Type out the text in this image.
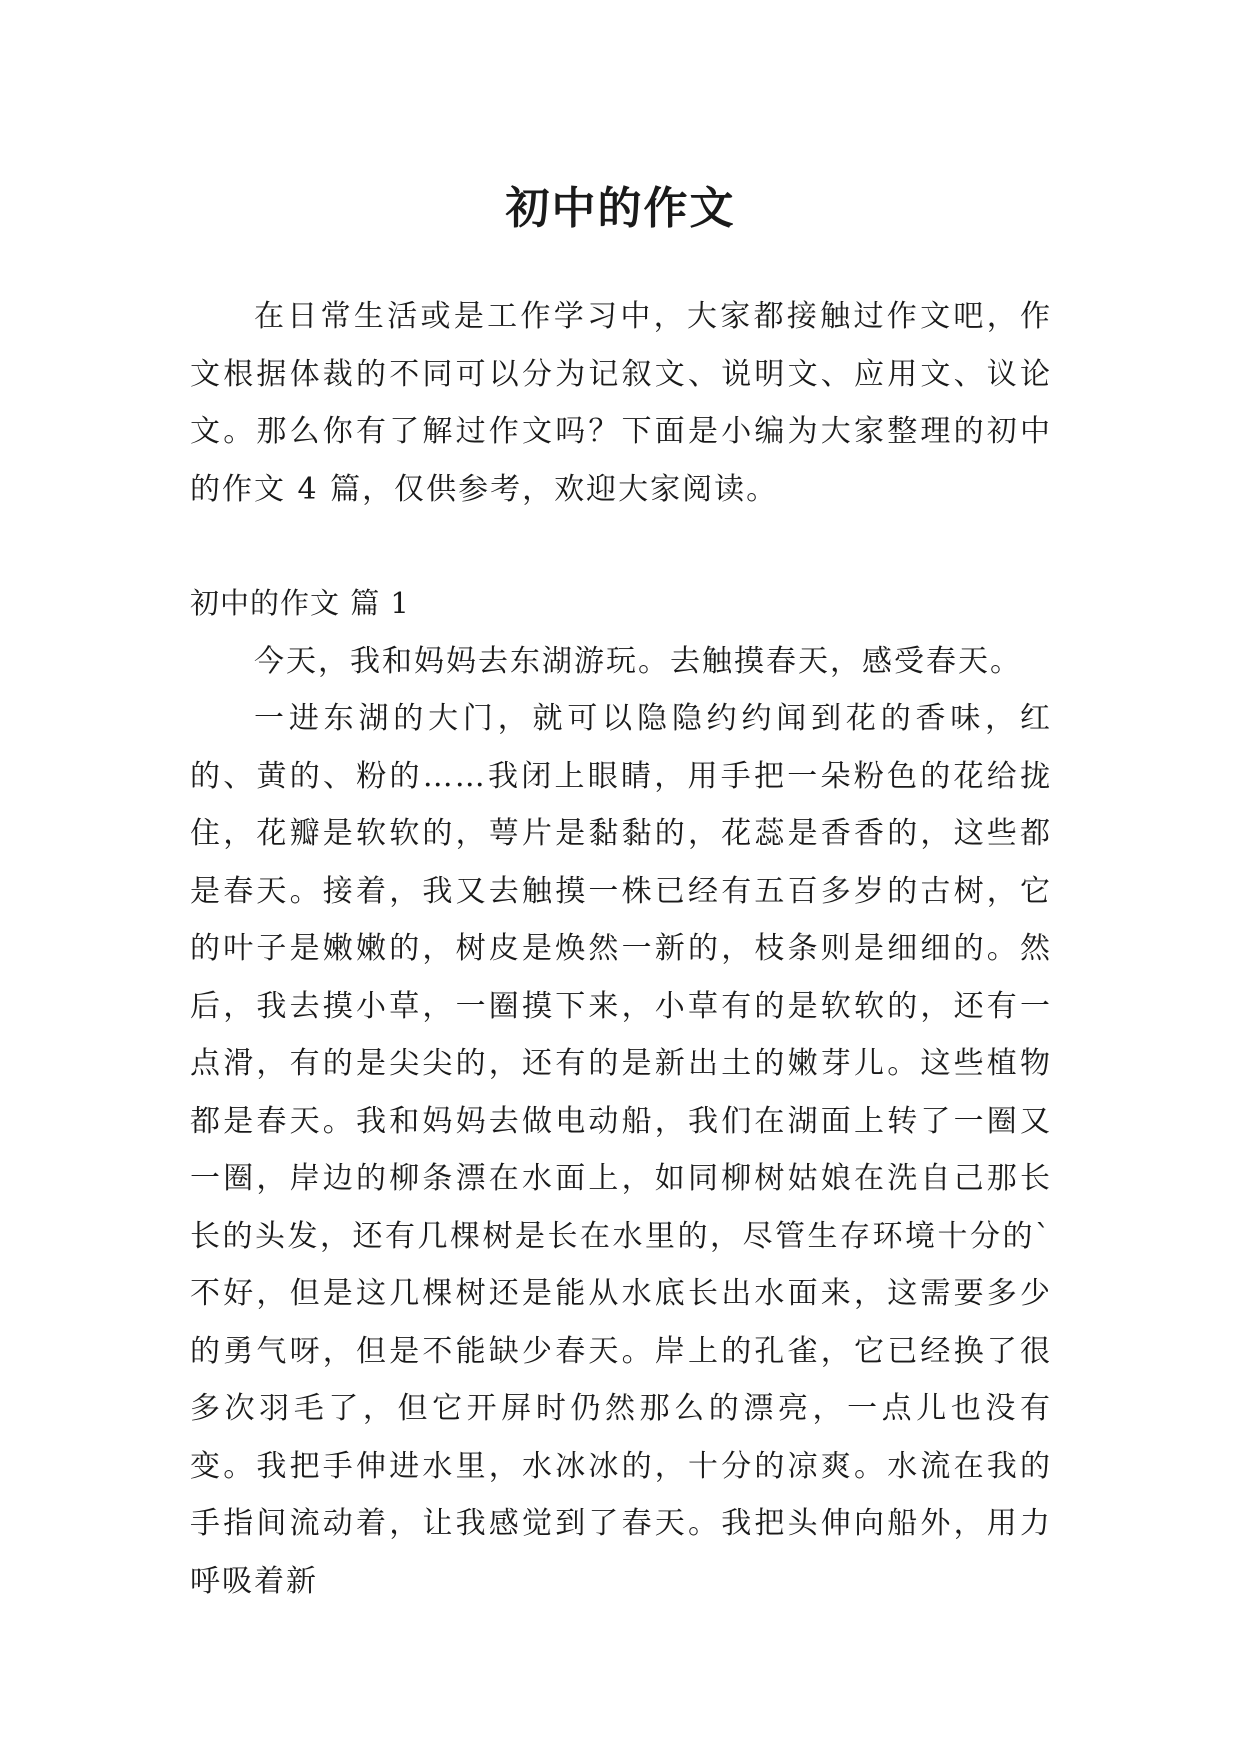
初中的作文

在日常生活或是工作学习中，大家都接触过作文吧，作文根据体裁的不同可以分为记叙文、说明文、应用文、议论文。那么你有了解过作文吗？下面是小编为大家整理的初中的作文 4 篇，仅供参考，欢迎大家阅读。

初中的作文 篇 1

今天，我和妈妈去东湖游玩。去触摸春天，感受春天。

一进东湖的大门，就可以隐隐约约闻到花的香味，红的、黄的、粉的……我闭上眼睛，用手把一朵粉色的花给拢住，花瓣是软软的，萼片是黏黏的，花蕊是香香的，这些都是春天。接着，我又去触摸一株已经有五百多岁的古树，它的叶子是嫩嫩的，树皮是焕然一新的，枝条则是细细的。然后，我去摸小草，一圈摸下来，小草有的是软软的，还有一点滑，有的是尖尖的，还有的是新出土的嫩芽儿。这些植物都是春天。我和妈妈去做电动船，我们在湖面上转了一圈又一圈，岸边的柳条漂在水面上，如同柳树姑娘在洗自己那长长的头发，还有几棵树是长在水里的，尽管生存环境十分的`不好，但是这几棵树还是能从水底长出水面来，这需要多少的勇气呀，但是不能缺少春天。岸上的孔雀，它已经换了很多次羽毛了，但它开屏时仍然那么的漂亮，一点儿也没有变。我把手伸进水里，水冰冰的，十分的凉爽。水流在我的手指间流动着，让我感觉到了春天。我把头伸向船外，用力呼吸着新
